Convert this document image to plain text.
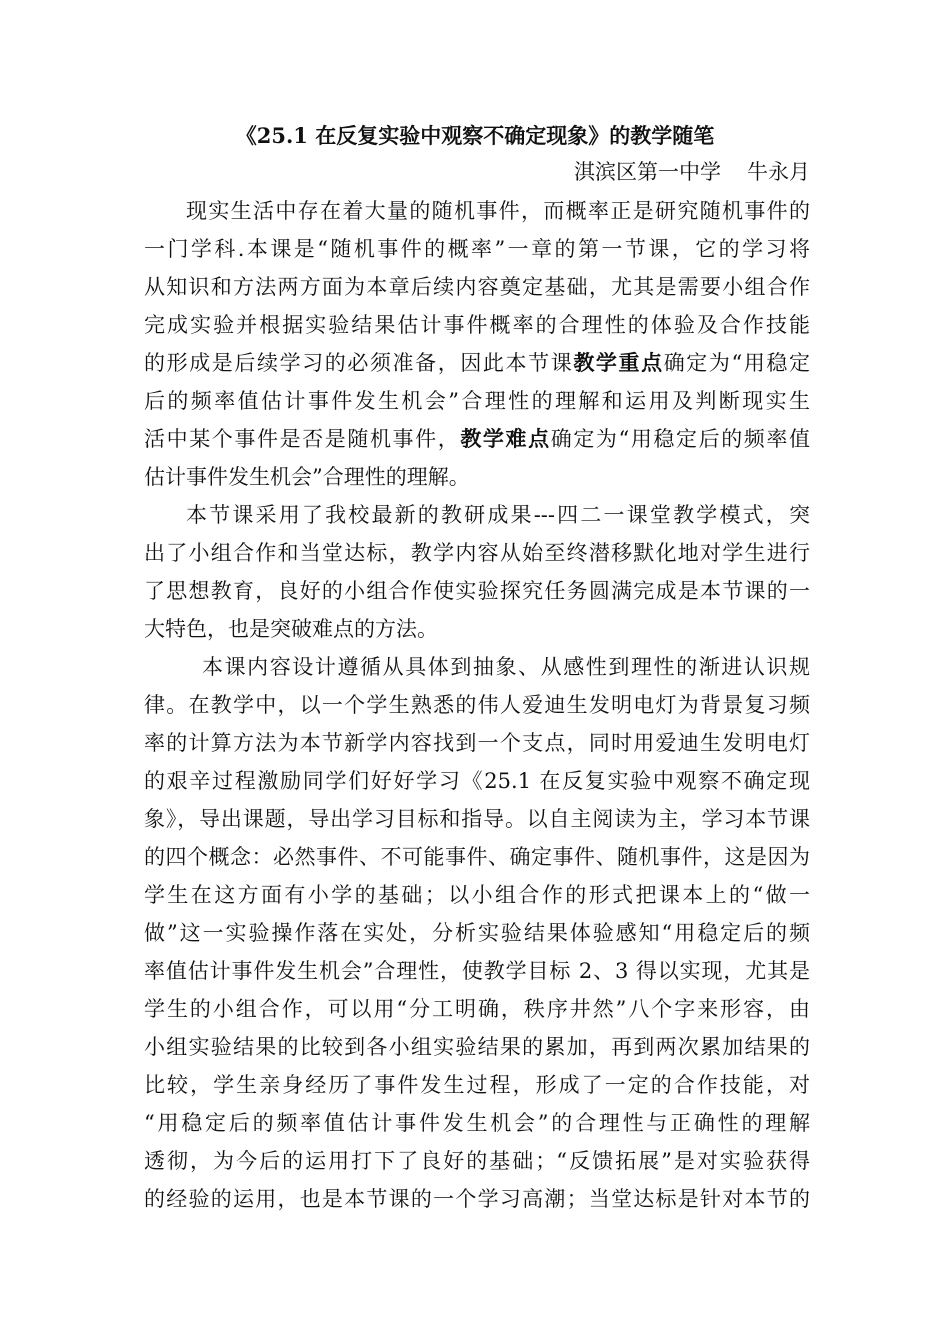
《25.1 在反复实验中观察不确定现象》的教学随笔
淇滨区第一中学 牛永月
现实生活中存在着大量的随机事件，而概率正是研究随机事件的
一门学科.本课是“随机事件的概率”一章的第一节课，它的学习将
从知识和方法两方面为本章后续内容奠定基础，尤其是需要小组合作
完成实验并根据实验结果估计事件概率的合理性的体验及合作技能
的形成是后续学习的必须准备，因此本节课教学重点确定为“用稳定
后的频率值估计事件发生机会”合理性的理解和运用及判断现实生
活中某个事件是否是随机事件，教学难点确定为“用稳定后的频率值
估计事件发生机会”合理性的理解。
本节课采用了我校最新的教研成果---四二一课堂教学模式，突
出了小组合作和当堂达标，教学内容从始至终潜移默化地对学生进行
了思想教育，良好的小组合作使实验探究任务圆满完成是本节课的一
大特色，也是突破难点的方法。
本课内容设计遵循从具体到抽象、从感性到理性的渐进认识规
律。在教学中，以一个学生熟悉的伟人爱迪生发明电灯为背景复习频
率的计算方法为本节新学内容找到一个支点，同时用爱迪生发明电灯
的艰辛过程激励同学们好好学习《25.1 在反复实验中观察不确定现
象》，导出课题，导出学习目标和指导。以自主阅读为主，学习本节课
的四个概念：必然事件、不可能事件、确定事件、随机事件，这是因为
学生在这方面有小学的基础；以小组合作的形式把课本上的“做一
做”这一实验操作落在实处，分析实验结果体验感知“用稳定后的频
率值估计事件发生机会”合理性，使教学目标 2、3 得以实现，尤其是
学生的小组合作，可以用“分工明确，秩序井然”八个字来形容，由
小组实验结果的比较到各小组实验结果的累加，再到两次累加结果的
比较，学生亲身经历了事件发生过程，形成了一定的合作技能，对
“用稳定后的频率值估计事件发生机会”的合理性与正确性的理解
透彻，为今后的运用打下了良好的基础；“反馈拓展”是对实验获得
的经验的运用，也是本节课的一个学习高潮；当堂达标是针对本节的
